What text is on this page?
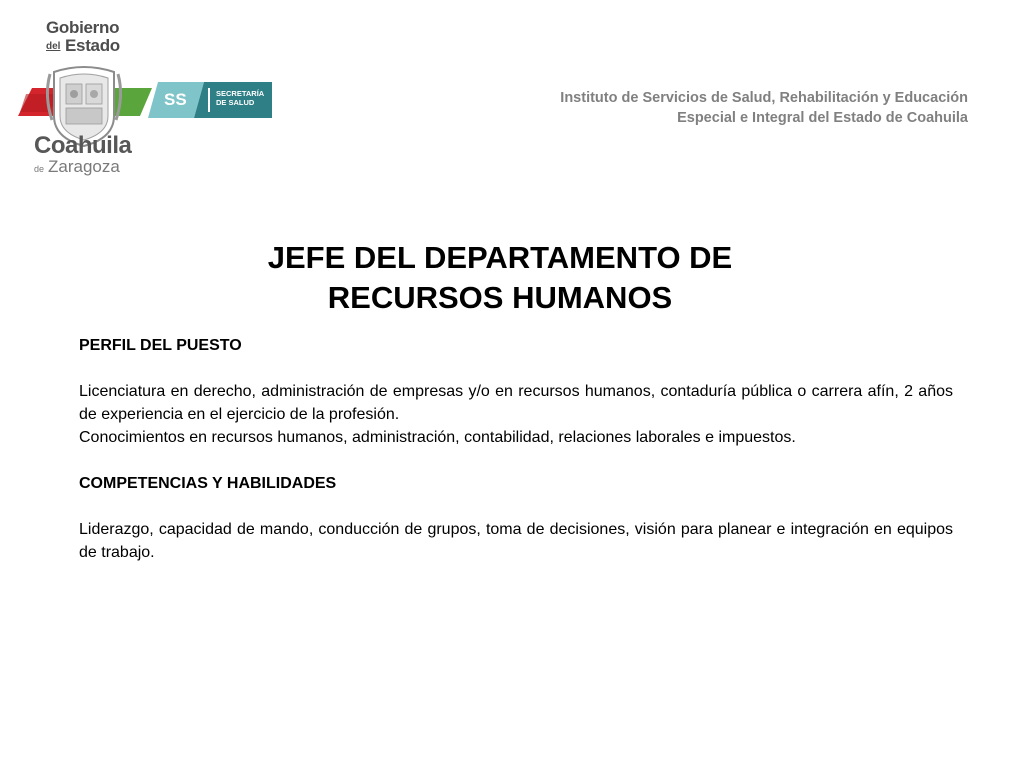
Gobierno
del Estado
Coahuila
de Zaragoza
SS	SECRETARÍA
DE SALUD	Instituto de Servicios de Salud, Rehabilitación y Educación
Especial e Integral del Estado de Coahuila
JEFE DEL DEPARTAMENTO DE
RECURSOS HUMANOS

PERFIL DEL PUESTO

Licenciatura en derecho, administración de empresas y/o en recursos humanos, contaduría pública o carrera afín, 2 años de experiencia en el ejercicio de la profesión.

Conocimientos en recursos humanos, administración, contabilidad, relaciones laborales e impuestos.

COMPETENCIAS Y HABILIDADES

Liderazgo, capacidad de mando, conducción de grupos, toma de decisiones, visión para planear e integración en equipos de trabajo.
